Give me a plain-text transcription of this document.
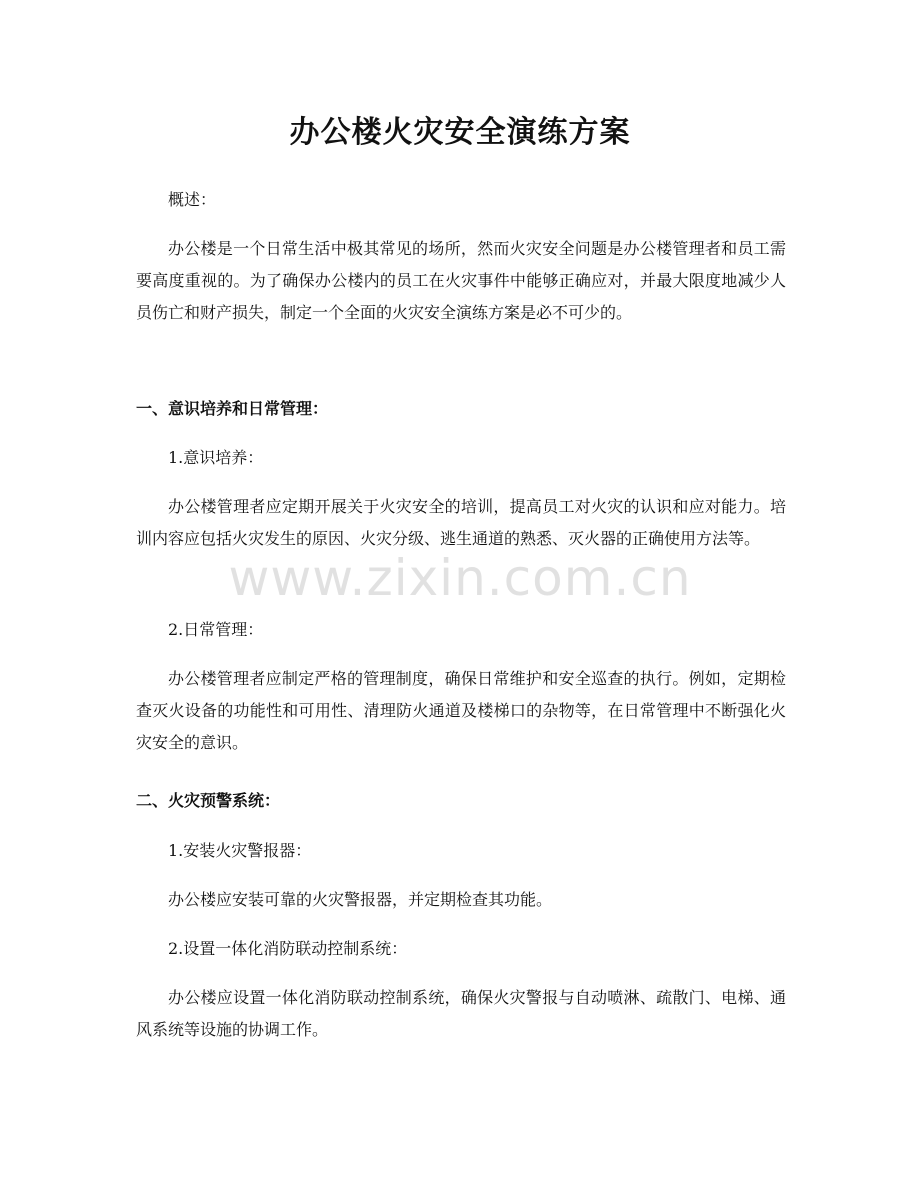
办公楼火灾安全演练方案
概述：
办公楼是一个日常生活中极其常见的场所，然而火灾安全问题是办公楼管理者和员工需要高度重视的。为了确保办公楼内的员工在火灾事件中能够正确应对，并最大限度地减少人员伤亡和财产损失，制定一个全面的火灾安全演练方案是必不可少的。
一、意识培养和日常管理：
1.意识培养：
办公楼管理者应定期开展关于火灾安全的培训，提高员工对火灾的认识和应对能力。培训内容应包括火灾发生的原因、火灾分级、逃生通道的熟悉、灭火器的正确使用方法等。
2.日常管理：
办公楼管理者应制定严格的管理制度，确保日常维护和安全巡查的执行。例如，定期检查灭火设备的功能性和可用性、清理防火通道及楼梯口的杂物等，在日常管理中不断强化火灾安全的意识。
二、火灾预警系统：
1.安装火灾警报器：
办公楼应安装可靠的火灾警报器，并定期检查其功能。
2.设置一体化消防联动控制系统：
办公楼应设置一体化消防联动控制系统，确保火灾警报与自动喷淋、疏散门、电梯、通风系统等设施的协调工作。
www.zixin.com.cn
